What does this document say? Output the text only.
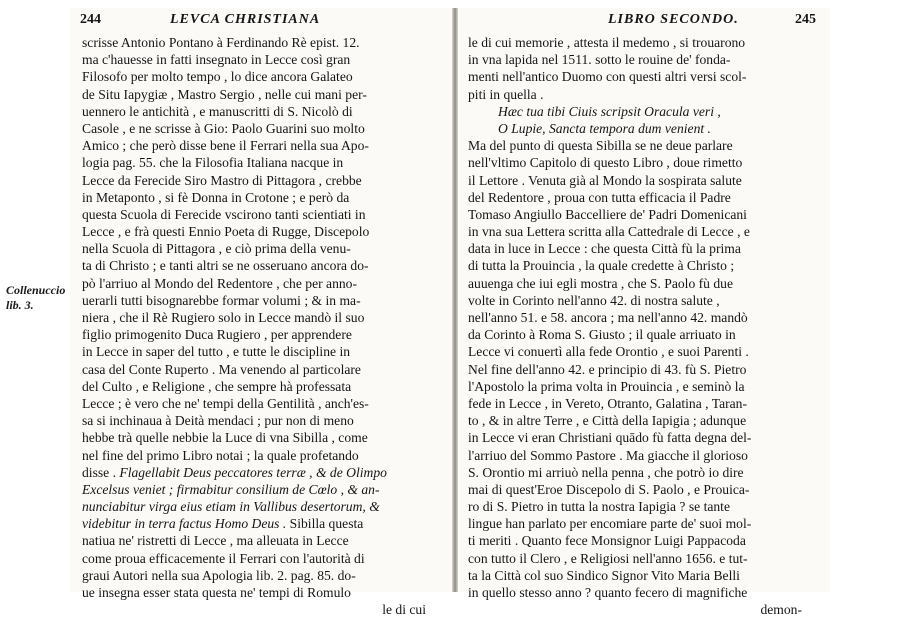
Collenuccio
lib. 3.
244	LEVCA CHRISTIANA
scrisse Antonio Pontano à Ferdinando Rè epist. 12.
ma c'hauesse in fatti insegnato in Lecce così gran
Filosofo per molto tempo , lo dice ancora Galateo
de Situ Iapygiæ , Mastro Sergio , nelle cui mani per-
uennero le antichità , e manuscritti di S. Nicolò di
Casole , e ne scrisse à Gio: Paolo Guarini suo molto
Amico ; che però disse bene il Ferrari nella sua Apo-
logia pag. 55. che la Filosofia Italiana nacque in
Lecce da Ferecide Siro Mastro di Pittagora , crebbe
in Metaponto , si fè Donna in Crotone ; e però da
questa Scuola di Ferecide vscirono tanti scientiati in
Lecce , e frà questi Ennio Poeta di Rugge, Discepolo
nella Scuola di Pittagora , e ciò prima della venu-
ta di Christo ; e tanti altri se ne osseruano ancora do-
pò l'arriuo al Mondo del Redentore , che per anno-
uerarli tutti bisognarebbe formar volumi ; & in ma-
niera , che il Rè Rugiero solo in Lecce mandò il suo
figlio primogenito Duca Rugiero , per apprendere
in Lecce in saper del tutto , e tutte le discipline in
casa del Conte Ruperto . Ma venendo al particolare
del Culto , e Religione , che sempre hà professata
Lecce ; è vero che ne' tempi della Gentilità , anch'es-
sa si inchinaua à Deità mendaci ; pur non di meno
hebbe trà quelle nebbie la Luce di vna Sibilla , come
nel fine del primo Libro notai ; la quale profetando
disse . Flagellabit Deus peccatores terræ , & de Olimpo
Excelsus veniet ; firmabitur consilium de Cœlo , & an-
nunciabitur virga eius etiam in Vallibus desertorum, &
videbitur in terra factus Homo Deus . Sibilla questa
natiua ne' ristretti di Lecce , ma alleuata in Lecce
come proua efficacemente il Ferrari con l'autorità di
graui Autori nella sua Apologia lib. 2. pag. 85. do-
ue insegna esser stata questa ne' tempi di Romulo
le di cui
LIBRO SECONDO.	245
le di cui memorie , attesta il medemo , si trouarono
in vna lapida nel 1511. sotto le rouine de' fonda-
menti nell'antico Duomo con questi altri versi scol-
piti in quella .
Hæc tua tibi Ciuis scripsit Oracula veri ,
O Lupie, Sancta tempora dum venient .
Ma del punto di questa Sibilla se ne deue parlare
nell'vltimo Capitolo di questo Libro , doue rimetto
il Lettore . Venuta già al Mondo la sospirata salute
del Redentore , proua con tutta efficacia il Padre
Tomaso Angiullo Baccelliere de' Padri Domenicani
in vna sua Lettera scritta alla Cattedrale di Lecce , e
data in luce in Lecce : che questa Città fù la prima
di tutta la Prouincia , la quale credette à Christo ;
auuenga che iui egli mostra , che S. Paolo fù due
volte in Corinto nell'anno 42. di nostra salute ,
nell'anno 51. e 58. ancora ; ma nell'anno 42. mandò
da Corinto à Roma S. Giusto ; il quale arriuato in
Lecce vi conuertì alla fede Orontio , e suoi Parenti .
Nel fine dell'anno 42. e principio di 43. fù S. Pietro
l'Apostolo la prima volta in Prouincia , e seminò la
fede in Lecce , in Vereto, Otranto, Galatina , Taran-
to , & in altre Terre , e Città della Iapigia ; adunque
in Lecce vi eran Christiani quādo fù fatta degna del-
l'arriuo del Sommo Pastore . Ma giacche il glorioso
S. Orontio mi arriuò nella penna , che potrò io dire
mai di quest'Eroe Discepolo di S. Paolo , e Prouica-
ro di S. Pietro in tutta la nostra Iapigia ? se tante
lingue han parlato per encomiare parte de' suoi mol-
ti meriti . Quanto fece Monsignor Luigi Pappacoda
con tutto il Clero , e Religiosi nell'anno 1656. e tut-
ta la Città col suo Sindico Signor Vito Maria Belli
in quello stesso anno ? quanto fecero di magnifiche
demon-
